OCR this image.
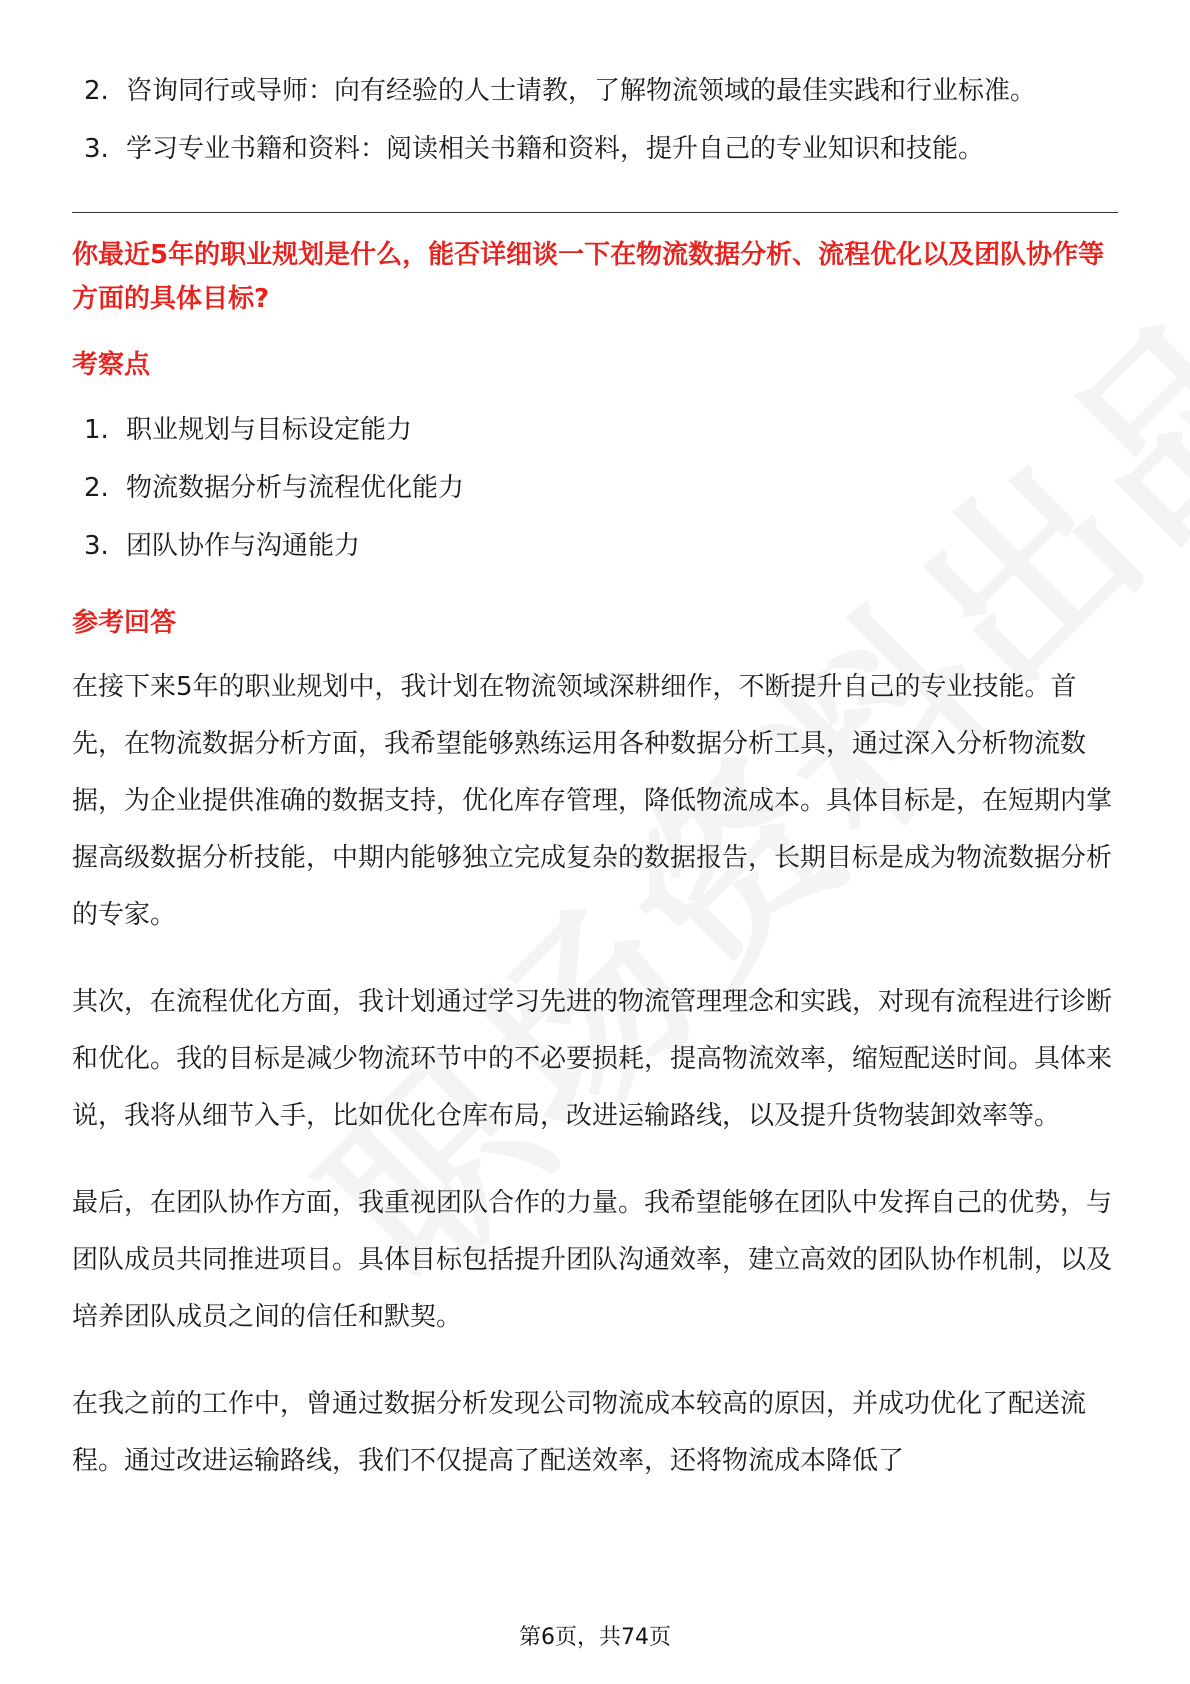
2. 咨询同行或导师：向有经验的人士请教，了解物流领域的最佳实践和行业标准。
3. 学习专业书籍和资料：阅读相关书籍和资料，提升自己的专业知识和技能。

你最近5年的职业规划是什么，能否详细谈一下在物流数据分析、流程优化以及团队协作等方面的具体目标?

考察点

1. 职业规划与目标设定能力
2. 物流数据分析与流程优化能力
3. 团队协作与沟通能力

参考回答

在接下来5年的职业规划中，我计划在物流领域深耕细作，不断提升自己的专业技能。首先，在物流数据分析方面，我希望能够熟练运用各种数据分析工具，通过深入分析物流数据，为企业提供准确的数据支持，优化库存管理，降低物流成本。具体目标是，在短期内掌握高级数据分析技能，中期内能够独立完成复杂的数据报告，长期目标是成为物流数据分析的专家。

其次，在流程优化方面，我计划通过学习先进的物流管理理念和实践，对现有流程进行诊断和优化。我的目标是减少物流环节中的不必要损耗，提高物流效率，缩短配送时间。具体来说，我将从细节入手，比如优化仓库布局，改进运输路线，以及提升货物装卸效率等。

最后，在团队协作方面，我重视团队合作的力量。我希望能够在团队中发挥自己的优势，与团队成员共同推进项目。具体目标包括提升团队沟通效率，建立高效的团队协作机制，以及培养团队成员之间的信任和默契。

在我之前的工作中，曾通过数据分析发现公司物流成本较高的原因，并成功优化了配送流程。通过改进运输路线，我们不仅提高了配送效率，还将物流成本降低了

第6页，共74页
